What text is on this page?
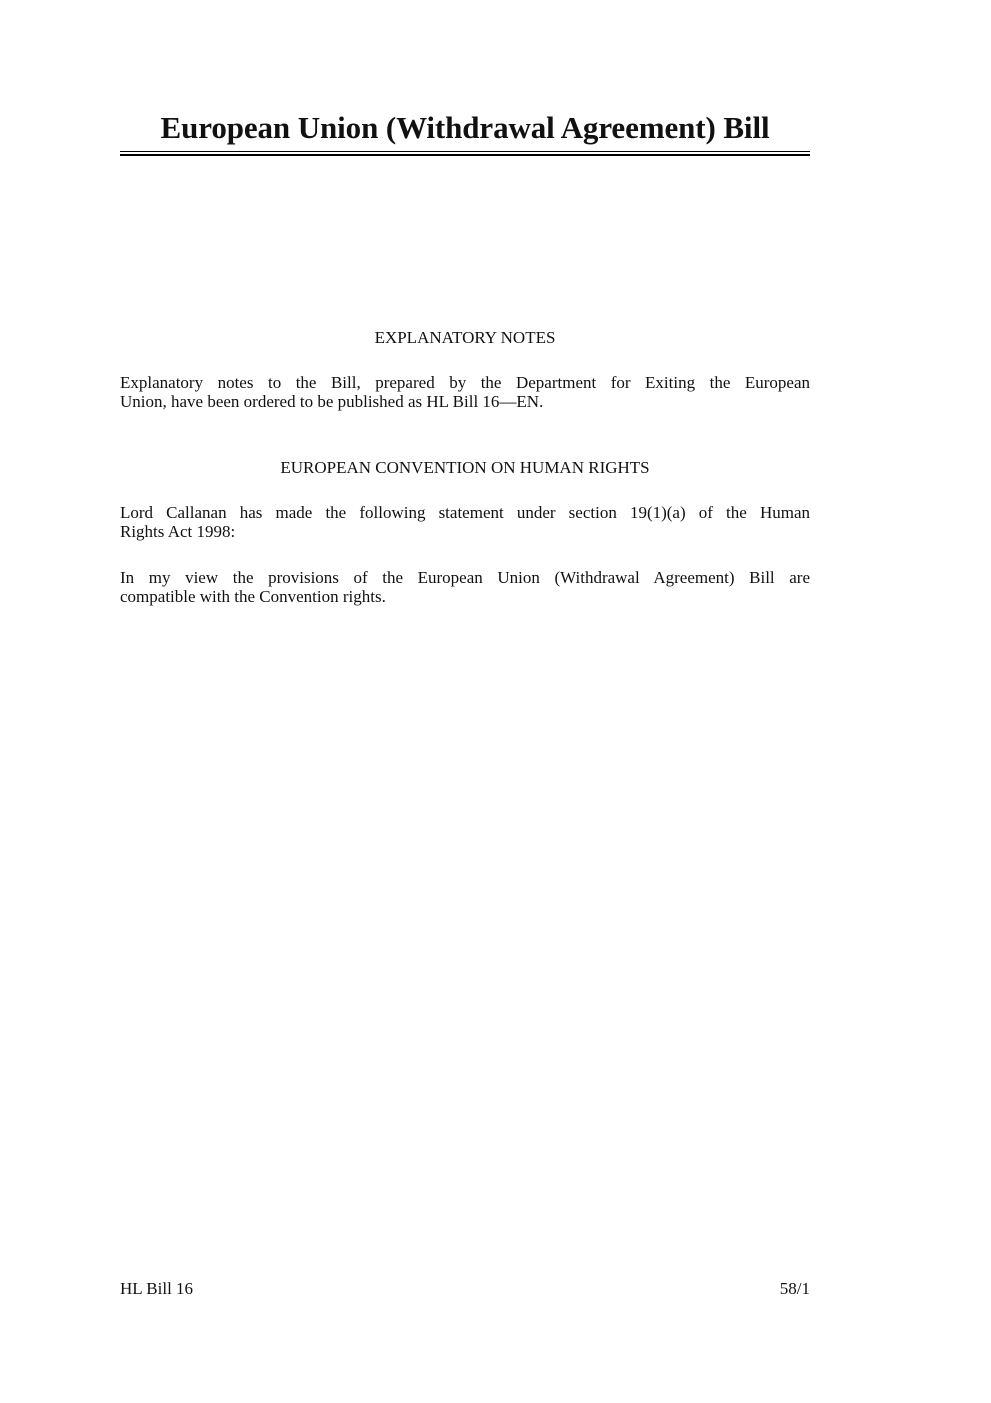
European Union (Withdrawal Agreement) Bill
EXPLANATORY NOTES
Explanatory notes to the Bill, prepared by the Department for Exiting the European
Union, have been ordered to be published as HL Bill 16—EN.
EUROPEAN CONVENTION ON HUMAN RIGHTS
Lord Callanan has made the following statement under section 19(1)(a) of the Human
Rights Act 1998:
In my view the provisions of the European Union (Withdrawal Agreement) Bill are
compatible with the Convention rights.
HL Bill 16	58/1
